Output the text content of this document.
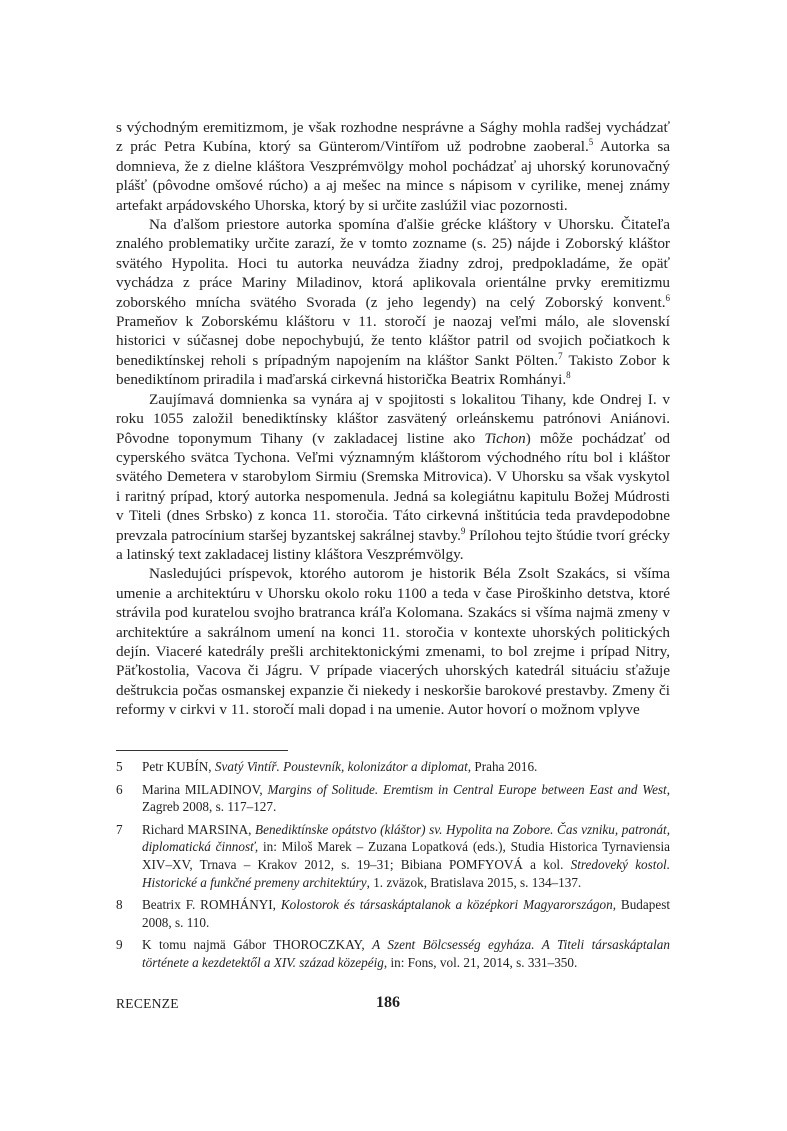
s východným eremitizmom, je však rozhodne nesprávne a Sághy mohla radšej vychádzať z prác Petra Kubína, ktorý sa Günterom/Vintířom už podrobne zaoberal.$^5$ Autorka sa domnieva, že z dielne kláštora Veszprémvölgy mohol pochádzať aj uhorský korunovačný plášť (pôvodne omšové rúcho) a aj mešec na mince s nápisom v cyrilike, menej známy artefakt arpádovského Uhorska, ktorý by si určite zaslúžil viac pozornosti.

Na ďalšom priestore autorka spomína ďalšie grécke kláštory v Uhorsku. Čitateľa znalého problematiky určite zarazí, že v tomto zozname (s. 25) nájde i Zoborský kláštor svätého Hypolita. Hoci tu autorka neuvádza žiadny zdroj, predpokladáme, že opäť vychádza z práce Mariny Miladinov, ktorá aplikovala orientálne prvky eremitizmu zoborského mnícha svätého Svorada (z jeho legendy) na celý Zoborský konvent.$^6$ Prameňov k Zoborskému kláštoru v 11. storočí je naozaj veľmi málo, ale slovenskí historici v súčasnej dobe nepochybujú, že tento kláštor patril od svojich počiatkoch k benediktínskej reholi s prípadným napojením na kláštor Sankt Pölten.$^7$ Takisto Zobor k benediktínom priradila i maďarská cirkevná historička Beatrix Romhányi.$^8$

Zaujímavá domnienka sa vynára aj v spojitosti s lokalitou Tihany, kde Ondrej I. v roku 1055 založil benediktínsky kláštor zasvätený orleánskemu patrónovi Aniánovi. Pôvodne toponymum Tihany (v zakladacej listine ako Tichon) môže pochádzať od cyperského svätca Tychona. Veľmi významným kláštorom východného rítu bol i kláštor svätého Demetera v starobylom Sirmiu (Sremska Mitrovica). V Uhorsku sa však vyskytol i raritný prípad, ktorý autorka nespomenula. Jedná sa kolegiátnu kapitulu Božej Múdrosti v Titeli (dnes Srbsko) z konca 11. storočia. Táto cirkevná inštitúcia teda pravdepodobne prevzala patrocínium staršej byzantskej sakrálnej stavby.$^9$ Prílohou tejto štúdie tvorí grécky a latinský text zakladacej listiny kláštora Veszprémvölgy.

Nasledujúci príspevok, ktorého autorom je historik Béla Zsolt Szakács, si všíma umenie a architektúru v Uhorsku okolo roku 1100 a teda v čase Piroškinho detstva, ktoré strávila pod kuratelou svojho bratranca kráľa Kolomana. Szakács si všíma najmä zmeny v architektúre a sakrálnom umení na konci 11. storočia v kontexte uhorských politických dejín. Viaceré katedrály prešli architektonickými zmenami, to bol zrejme i prípad Nitry, Päťkostolia, Vacova či Jágru. V prípade viacerých uhorských katedrál situáciu sťažuje deštrukcia počas osmanskej expanzie či niekedy i neskoršie barokové prestavby. Zmeny či reformy v cirkvi v 11. storočí mali dopad i na umenie. Autor hovorí o možnom vplyve

5	Petr KUBÍN, Svatý Vintíř. Poustevník, kolonizátor a diplomat, Praha 2016.
6	Marina MILADINOV, Margins of Solitude. Eremtism in Central Europe between East and West, Zagreb 2008, s. 117–127.
7	Richard MARSINA, Benediktínske opátstvo (kláštor) sv. Hypolita na Zobore. Čas vzniku, patronát, diplomatická činnosť, in: Miloš Marek – Zuzana Lopatková (eds.), Studia Historica Tyrnaviensia XIV–XV, Trnava – Krakov 2012, s. 19–31; Bibiana POMFYOVÁ a kol. Stredoveký kostol. Historické a funkčné premeny architektúry, 1. zväzok, Bratislava 2015, s. 134–137.
8	Beatrix F. ROMHÁNYI, Kolostorok és társaskáptalanok a középkori Magyarországon, Budapest 2008, s. 110.
9	K tomu najmä Gábor THOROCZKAY, A Szent Bölcsesség egyháza. A Titeli társaskáptalan története a kezdetektől a XIV. század közepéig, in: Fons, vol. 21, 2014, s. 331–350.
RECENZE	186
